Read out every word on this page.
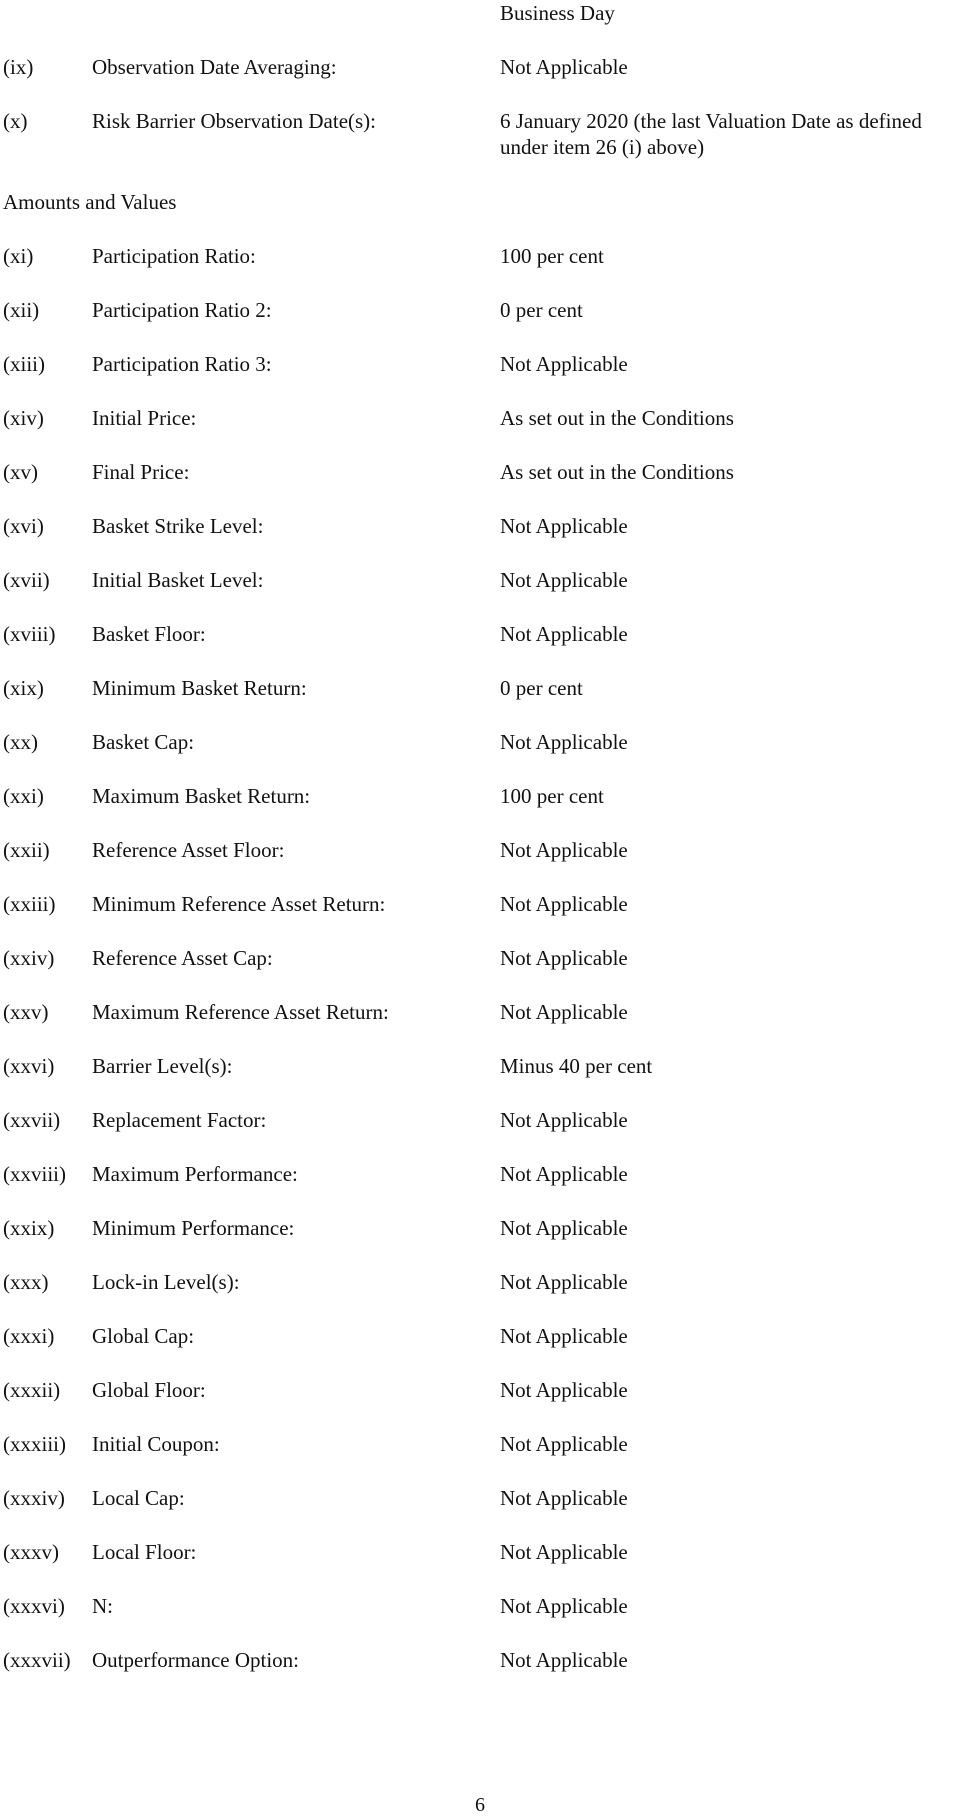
Business Day
(ix)	Observation Date Averaging:	Not Applicable
(x)	Risk Barrier Observation Date(s):	6 January 2020 (the last Valuation Date as defined under item 26 (i) above)
Amounts and Values
(xi)	Participation Ratio:	100 per cent
(xii)	Participation Ratio 2:	0 per cent
(xiii) Participation Ratio 3:	Not Applicable
(xiv) Initial Price:	As set out in the Conditions
(xv)	Final Price:	As set out in the Conditions
(xvi) Basket Strike Level:	Not Applicable
(xvii) Initial Basket Level:	Not Applicable
(xviii) Basket Floor:	Not Applicable
(xix) Minimum Basket Return:	0 per cent
(xx)	Basket Cap:	Not Applicable
(xxi) Maximum Basket Return:	100 per cent
(xxii) Reference Asset Floor:	Not Applicable
(xxiii) Minimum Reference Asset Return:	Not Applicable
(xxiv) Reference Asset Cap:	Not Applicable
(xxv) Maximum Reference Asset Return:	Not Applicable
(xxvi) Barrier Level(s):	Minus 40 per cent
(xxvii) Replacement Factor:	Not Applicable
(xxviii) Maximum Performance:	Not Applicable
(xxix) Minimum Performance:	Not Applicable
(xxx) Lock-in Level(s):	Not Applicable
(xxxi) Global Cap:	Not Applicable
(xxxii) Global Floor:	Not Applicable
(xxxiii) Initial Coupon:	Not Applicable
(xxxiv) Local Cap:	Not Applicable
(xxxv) Local Floor:	Not Applicable
(xxxvi) N:	Not Applicable
(xxxvii) Outperformance Option:	Not Applicable
6
